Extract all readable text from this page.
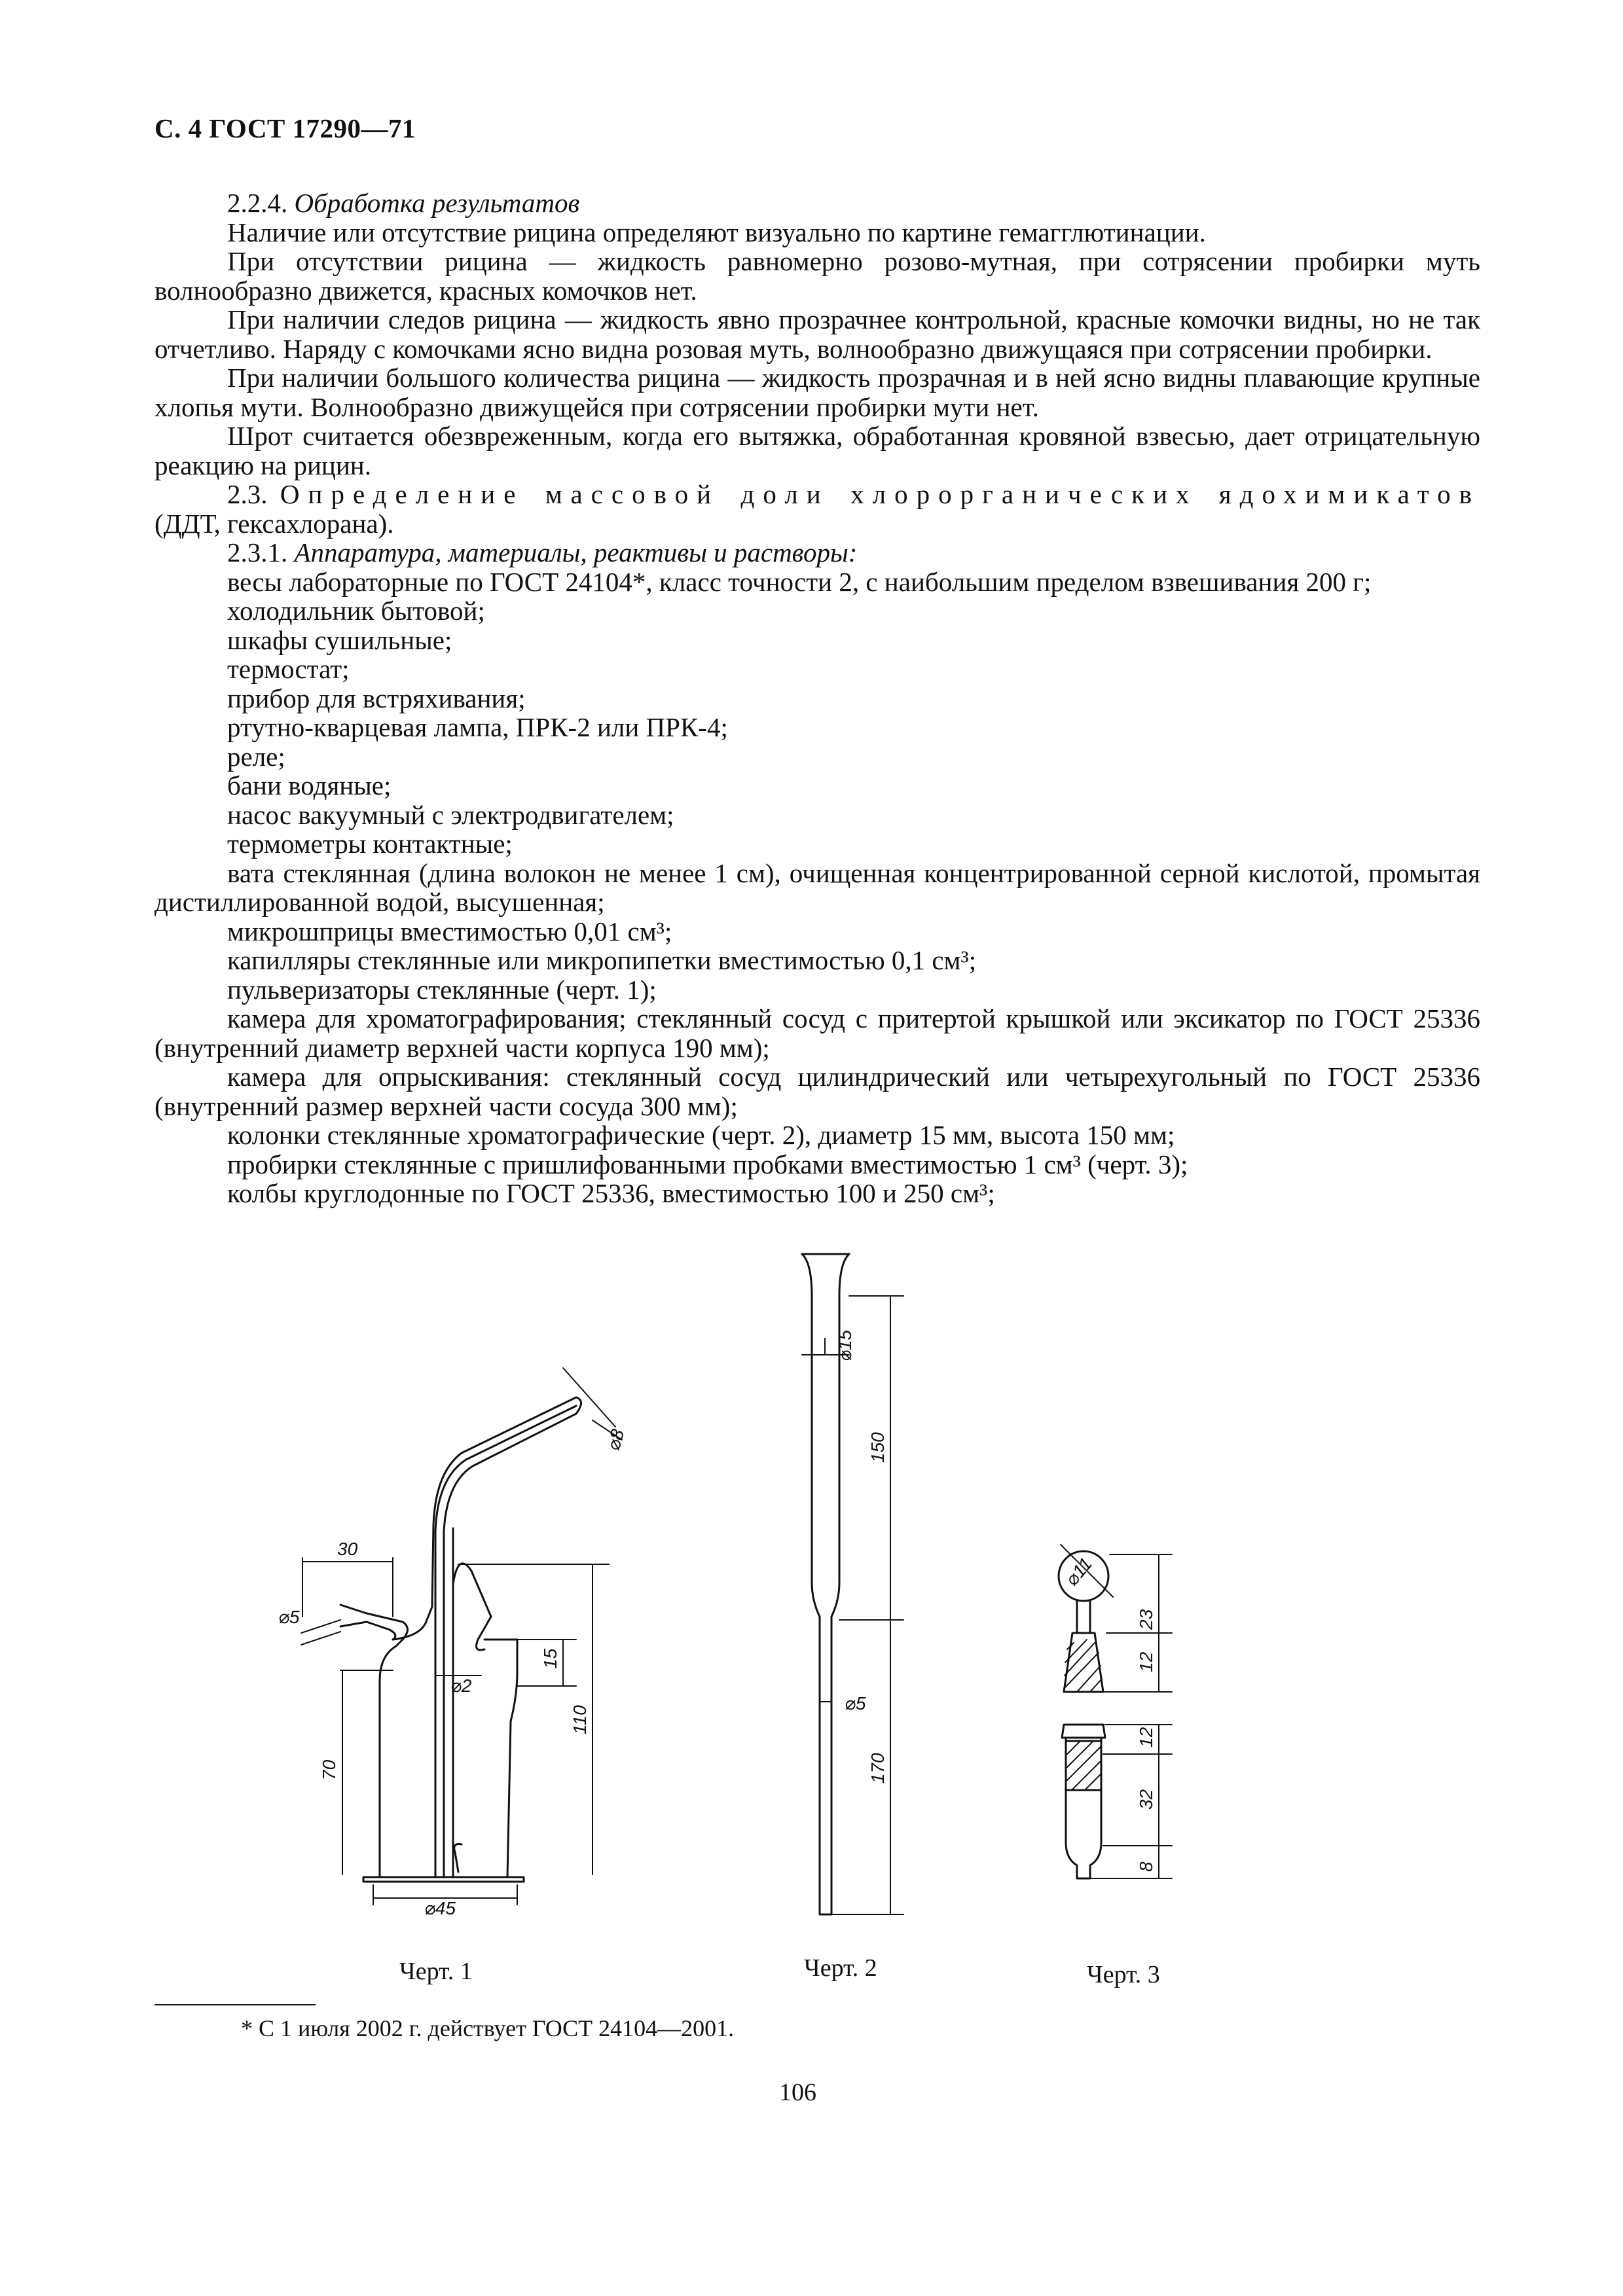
С. 4 ГОСТ 17290—71

2.2.4. Обработка результатов

Наличие или отсутствие рицина определяют визуально по картине гемагглютинации.

При отсутствии рицина — жидкость равномерно розово-мутная, при сотрясении пробирки муть волнообразно движется, красных комочков нет.

При наличии следов рицина — жидкость явно прозрачнее контрольной, красные комочки видны, но не так отчетливо. Наряду с комочками ясно видна розовая муть, волнообразно движущаяся при сотрясении пробирки.

При наличии большого количества рицина — жидкость прозрачная и в ней ясно видны плавающие крупные хлопья мути. Волнообразно движущейся при сотрясении пробирки мути нет.

Шрот считается обезвреженным, когда его вытяжка, обработанная кровяной взвесью, дает отрицательную реакцию на рицин.

2.3. Определение массовой доли хлорорганических ядохимикатов (ДДТ, гексахлорана).

2.3.1. Аппаратура, материалы, реактивы и растворы:

весы лабораторные по ГОСТ 24104*, класс точности 2, с наибольшим пределом взвешивания 200 г;

холодильник бытовой;

шкафы сушильные;

термостат;

прибор для встряхивания;

ртутно-кварцевая лампа, ПРК-2 или ПРК-4;

реле;

бани водяные;

насос вакуумный с электродвигателем;

термометры контактные;

вата стеклянная (длина волокон не менее 1 см), очищенная концентрированной серной кислотой, промытая дистиллированной водой, высушенная;

микрошприцы вместимостью 0,01 см³;

капилляры стеклянные или микропипетки вместимостью 0,1 см³;

пульверизаторы стеклянные (черт. 1);

камера для хроматографирования; стеклянный сосуд с притертой крышкой или эксикатор по ГОСТ 25336 (внутренний диаметр верхней части корпуса 190 мм);

камера для опрыскивания: стеклянный сосуд цилиндрический или четырехугольный по ГОСТ 25336 (внутренний размер верхней части сосуда 300 мм);

колонки стеклянные хроматографические (черт. 2), диаметр 15 мм, высота 150 мм;

пробирки стеклянные с пришлифованными пробками вместимостью 1 см³ (черт. 3);

колбы круглодонные по ГОСТ 25336, вместимостью 100 и 250 см³;

⌀8
30
⌀5
15
⌀2
70
110
⌀45
⌀15
150
⌀5
170
⌀11
23
12
12
32
8
Черт. 1	Черт. 2	Черт. 3
* С 1 июля 2002 г. действует ГОСТ 24104—2001.
106
